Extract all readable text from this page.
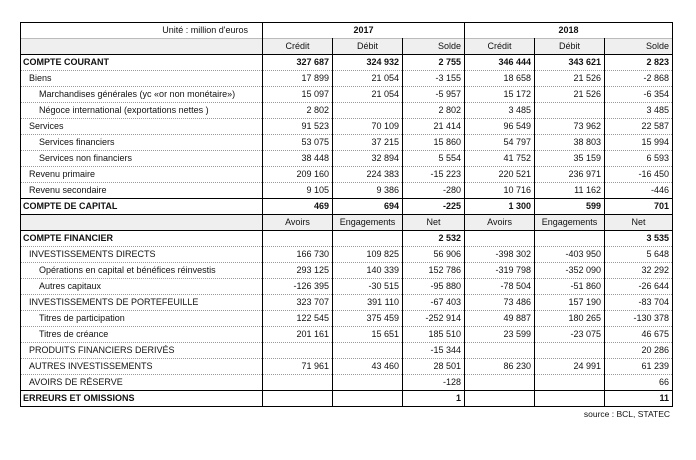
Unité : million d'euros	2017			2018		
	Crédit	Débit	Solde	Crédit	Débit	Solde
COMPTE COURANT	327 687	324 932	2 755	346 444	343 621	2 823
Biens	17 899	21 054	-3 155	18 658	21 526	-2 868
Marchandises générales (yc «or non monétaire»)	15 097	21 054	-5 957	15 172	21 526	-6 354
Négoce international (exportations nettes )	2 802		2 802	3 485		3 485
Services	91 523	70 109	21 414	96 549	73 962	22 587
Services financiers	53 075	37 215	15 860	54 797	38 803	15 994
Services non financiers	38 448	32 894	5 554	41 752	35 159	6 593
Revenu primaire	209 160	224 383	-15 223	220 521	236 971	-16 450
Revenu secondaire	9 105	9 386	-280	10 716	11 162	-446
COMPTE DE CAPITAL	469	694	-225	1 300	599	701
	Avoirs	Engagements	Net	Avoirs	Engagements	Net
COMPTE FINANCIER			2 532			3 535
INVESTISSEMENTS DIRECTS	166 730	109 825	56 906	-398 302	-403 950	5 648
Opérations en capital et bénéfices réinvestis	293 125	140 339	152 786	-319 798	-352 090	32 292
Autres capitaux	-126 395	-30 515	-95 880	-78 504	-51 860	-26 644
INVESTISSEMENTS DE PORTEFEUILLE	323 707	391 110	-67 403	73 486	157 190	-83 704
Titres de participation	122 545	375 459	-252 914	49 887	180 265	-130 378
Titres de créance	201 161	15 651	185 510	23 599	-23 075	46 675
PRODUITS FINANCIERS DERIVÉS			-15 344			20 286
AUTRES INVESTISSEMENTS	71 961	43 460	28 501	86 230	24 991	61 239
AVOIRS DE RÉSERVE			-128			66
ERREURS ET OMISSIONS			1			11
source : BCL, STATEC
